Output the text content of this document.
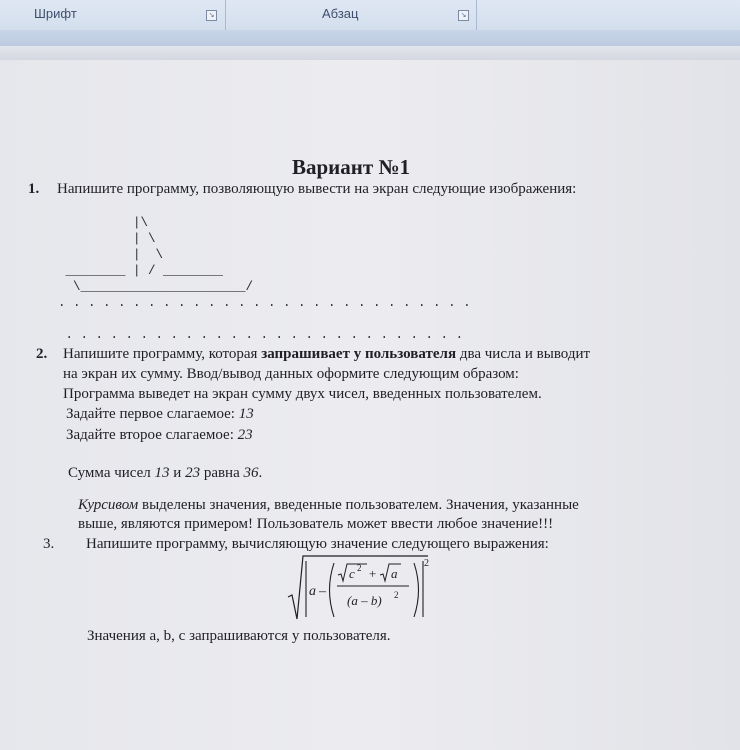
Шрифт	↘	Абзац	↘
Вариант №1
1. Напишите программу, позволяющую вывести на экран следующие изображения:
|\
| \
|  \
________ | / ________
\______________________/
. . . . . . . . . . . . . . . . . . . . . . . . . . . .

. . . . . . . . . . . . . . . . . . . . . . . . . . .
2. Напишите программу, которая запрашивает у пользователя два числа и выводит
на экран их сумму. Ввод/вывод данных оформите следующим образом:
Программа выведет на экран сумму двух чисел, введенных пользователем.
Задайте первое слагаемое: 13
Задайте второе слагаемое: 23
Сумма чисел 13 и 23 равна 36.
Курсивом выделены значения, введенные пользователем. Значения, указанные
выше, являются примером! Пользователь может ввести любое значение!!!
3. Напишите программу, вычисляющую значение следующего выражения:
a –
c 2 + a
(a – b) 2
2
Значения a, b, c запрашиваются у пользователя.
